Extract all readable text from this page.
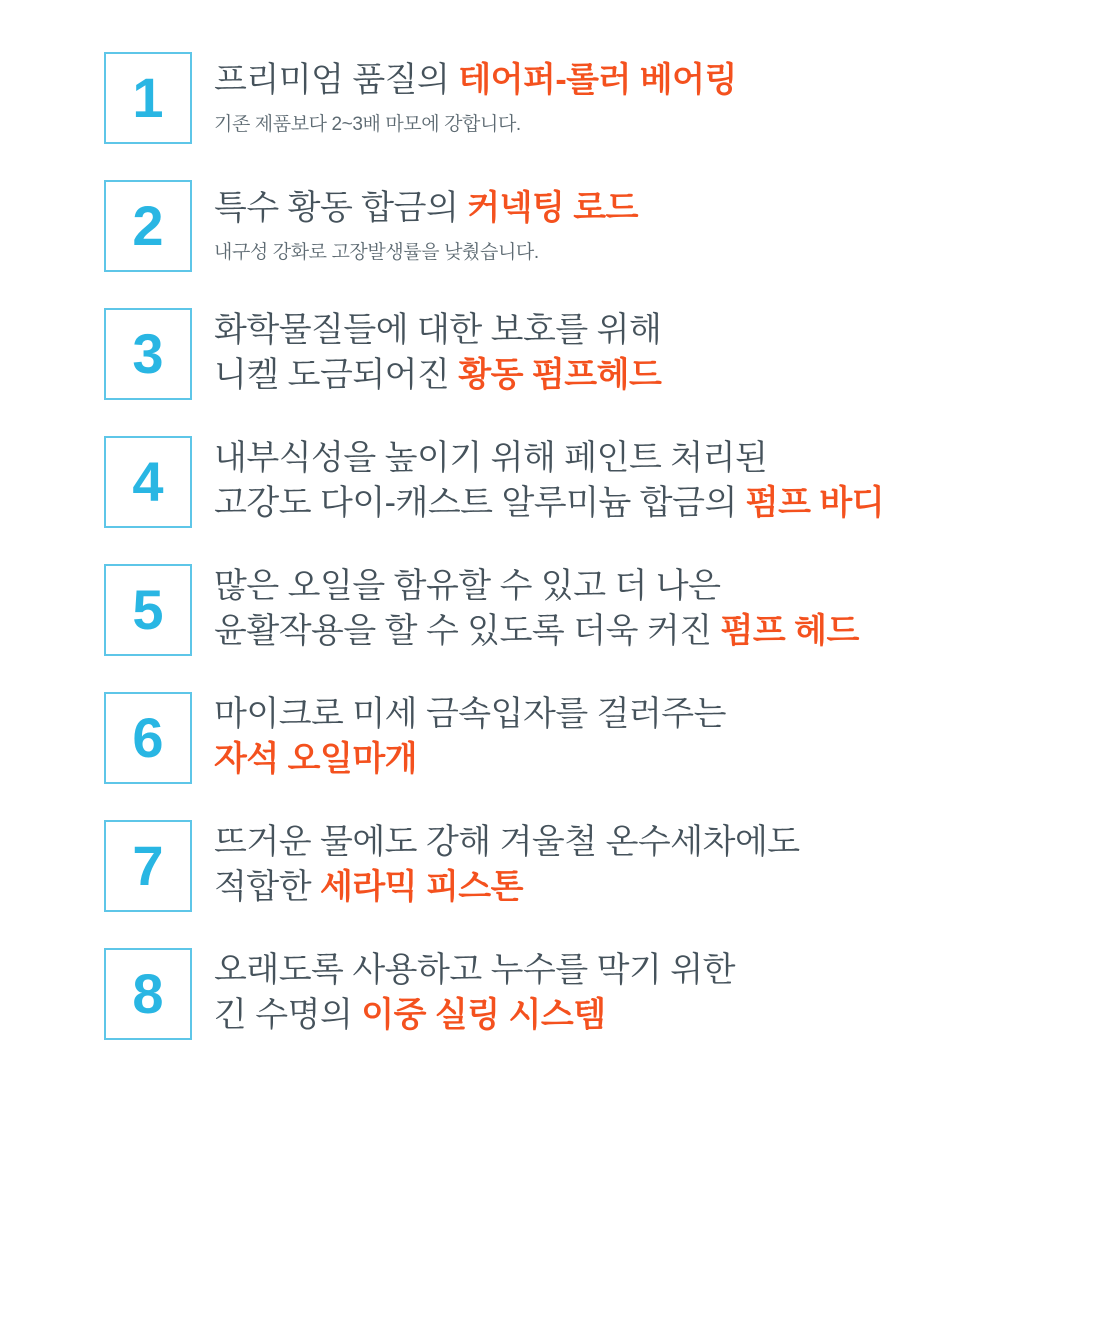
1 프리미엄 품질의 테어퍼-롤러 베어링
기존 제품보다 2~3배 마모에 강합니다.
2 특수 황동 합금의 커넥팅 로드
내구성 강화로 고장발생률을 낮췄습니다.
3 화학물질들에 대한 보호를 위해
니켈 도금되어진 황동 펌프헤드
4 내부식성을 높이기 위해 페인트 처리된
고강도 다이-캐스트 알루미늄 합금의 펌프 바디
5 많은 오일을 함유할 수 있고 더 나은
윤활작용을 할 수 있도록 더욱 커진 펌프 헤드
6 마이크로 미세 금속입자를 걸러주는
자석 오일마개
7 뜨거운 물에도 강해 겨울철 온수세차에도
적합한 세라믹 피스톤
8 오래도록 사용하고 누수를 막기 위한
긴 수명의 이중 실링 시스템
